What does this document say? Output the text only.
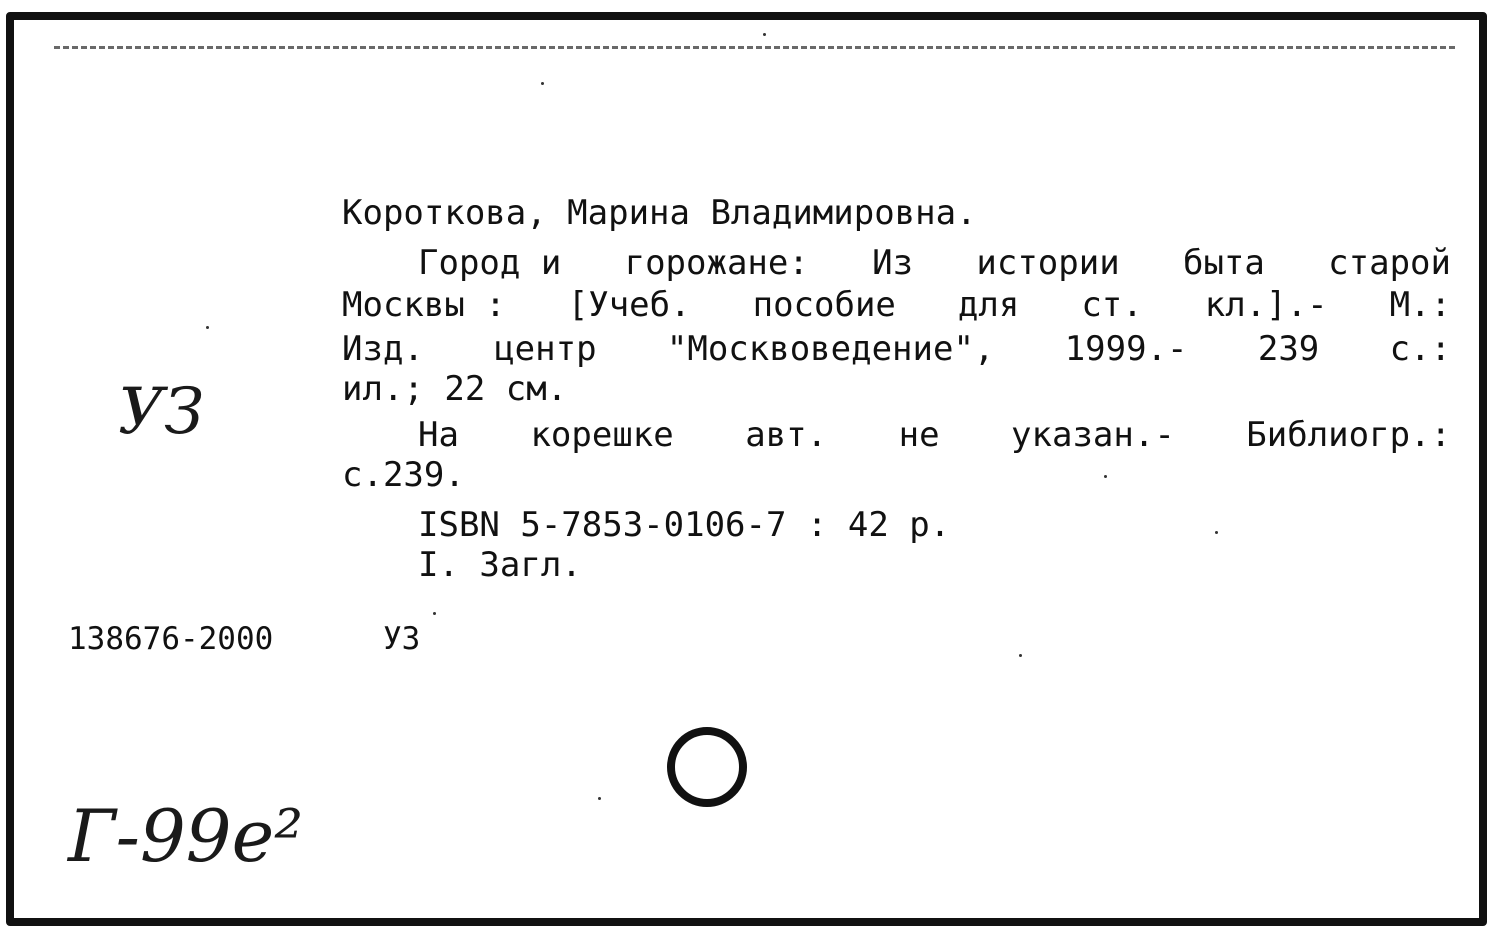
Коротковa, Марина Владимировна.
Город и горожане: Из истории быта старой
Москвы : [Учеб. пособие для ст. кл.].- М.:
Изд. центр "Москвоведение", 1999.- 239 с.:
ил.; 22 см.
На корешке авт. не указан.- Библиогр.:
с.239.
ISBN 5-7853-0106-7 : 42 р.
I. Загл.
138676-2000	УЗ
УЗ
Г-99е²
